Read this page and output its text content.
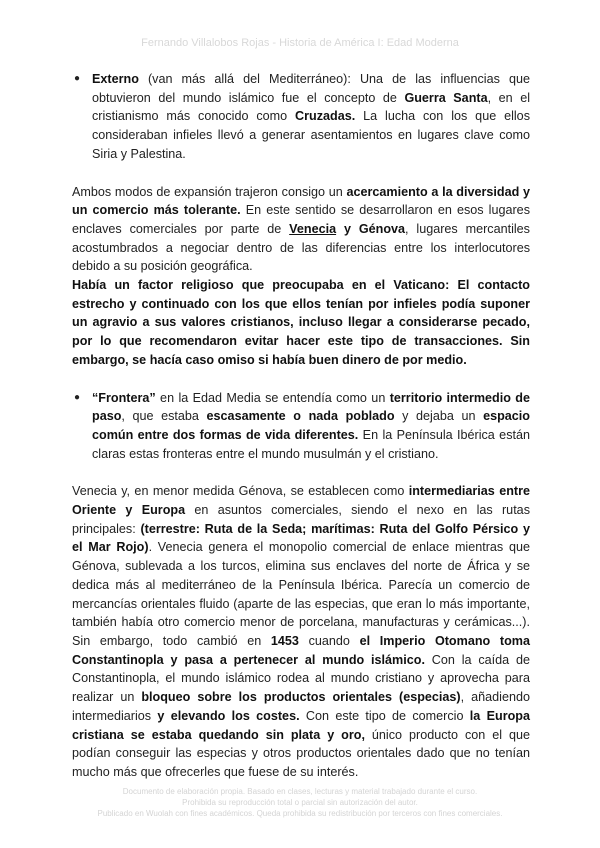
Fernando Villalobos Rojas - Historia de América I: Edad Moderna

● Externo (van más allá del Mediterráneo): Una de las influencias que obtuvieron del mundo islámico fue el concepto de Guerra Santa, en el cristianismo más conocido como Cruzadas. La lucha con los que ellos consideraban infieles llevó a generar asentamientos en lugares clave como Siria y Palestina.

Ambos modos de expansión trajeron consigo un acercamiento a la diversidad y un comercio más tolerante. En este sentido se desarrollaron en esos lugares enclaves comerciales por parte de Venecia y Génova, lugares mercantiles acostumbrados a negociar dentro de las diferencias entre los interlocutores debido a su posición geográfica.

Había un factor religioso que preocupaba en el Vaticano: El contacto estrecho y continuado con los que ellos tenían por infieles podía suponer un agravio a sus valores cristianos, incluso llegar a considerarse pecado, por lo que recomendaron evitar hacer este tipo de transacciones. Sin embargo, se hacía caso omiso si había buen dinero de por medio.

● “Frontera” en la Edad Media se entendía como un territorio intermedio de paso, que estaba escasamente o nada poblado y dejaba un espacio común entre dos formas de vida diferentes. En la Península Ibérica están claras estas fronteras entre el mundo musulmán y el cristiano.

Venecia y, en menor medida Génova, se establecen como intermediarias entre Oriente y Europa en asuntos comerciales, siendo el nexo en las rutas principales: (terrestre: Ruta de la Seda; marítimas: Ruta del Golfo Pérsico y el Mar Rojo). Venecia genera el monopolio comercial de enlace mientras que Génova, sublevada a los turcos, elimina sus enclaves del norte de África y se dedica más al mediterráneo de la Península Ibérica. Parecía un comercio de mercancías orientales fluido (aparte de las especias, que eran lo más importante, también había otro comercio menor de porcelana, manufacturas y cerámicas...). Sin embargo, todo cambió en 1453 cuando el Imperio Otomano toma Constantinopla y pasa a pertenecer al mundo islámico. Con la caída de Constantinopla, el mundo islámico rodea al mundo cristiano y aprovecha para realizar un bloqueo sobre los productos orientales (especias), añadiendo intermediarios y elevando los costes. Con este tipo de comercio la Europa cristiana se estaba quedando sin plata y oro, único producto con el que podían conseguir las especias y otros productos orientales dado que no tenían mucho más que ofrecerles que fuese de su interés.

Documento de elaboración propia. Basado en clases, lecturas y material trabajado durante el curso.
Prohibida su reproducción total o parcial sin autorización del autor.
Publicado en Wuolah con fines académicos. Queda prohibida su redistribución por terceros con fines comerciales.
